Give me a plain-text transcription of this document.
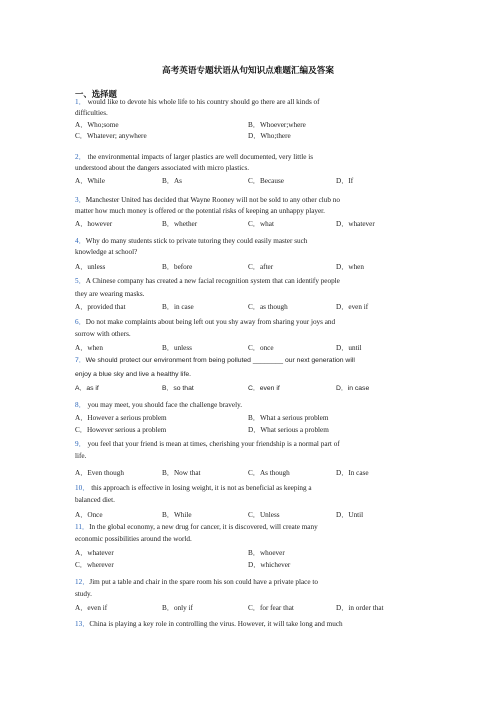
高考英语专题状语从句知识点难题汇编及答案
一、选择题
1． would like to devote his whole life to his country should go there are all kinds of
difficulties.
A．Who;some	B．Whoever;where
C．Whatever; anywhere	D．Who;there
2． the environmental impacts of larger plastics are well documented, very little is
understood about the dangers associated with micro plastics.
A．While	B．As	C．Because	D．If
3．Manchester United has decided that Wayne Rooney will not be sold to any other club no
matter how much money is offered or the potential risks of keeping an unhappy player.
A．however	B．whether	C．what	D．whatever
4．Why do many students stick to private tutoring they could easily master such
knowledge at school?
A．unless	B．before	C．after	D．when
5．A Chinese company has created a new facial recognition system that can identify people
they are wearing masks.
A．provided that	B．in case	C．as though	D．even if
6．Do not make complaints about being left out you shy away from sharing your joys and
sorrow with others.
A．when	B．unless	C．once	D．until
7．We should protect our environment from being polluted ________ our next generation will
enjoy a blue sky and live a healthy life.
A．as if	B．so that	C．even if	D．in case
8． you may meet, you should face the challenge bravely.
A．However a serious problem	B．What a serious problem
C．However serious a problem	D．What serious a problem
9． you feel that your friend is mean at times, cherishing your friendship is a normal part of
life.
A．Even though	B．Now that	C．As though	D．In case
10． this approach is effective in losing weight, it is not as beneficial as keeping a
balanced diet.
A．Once	B．While	C．Unless	D．Until
11．In the global economy, a new drug for cancer, it is discovered, will create many
economic possibilities around the world.
A．whatever	B．whoever
C．wherever	D．whichever
12．Jim put a table and chair in the spare room his son could have a private place to
study.
A．even if	B．only if	C．for fear that	D．in order that
13．China is playing a key role in controlling the virus. However, it will take long and much
